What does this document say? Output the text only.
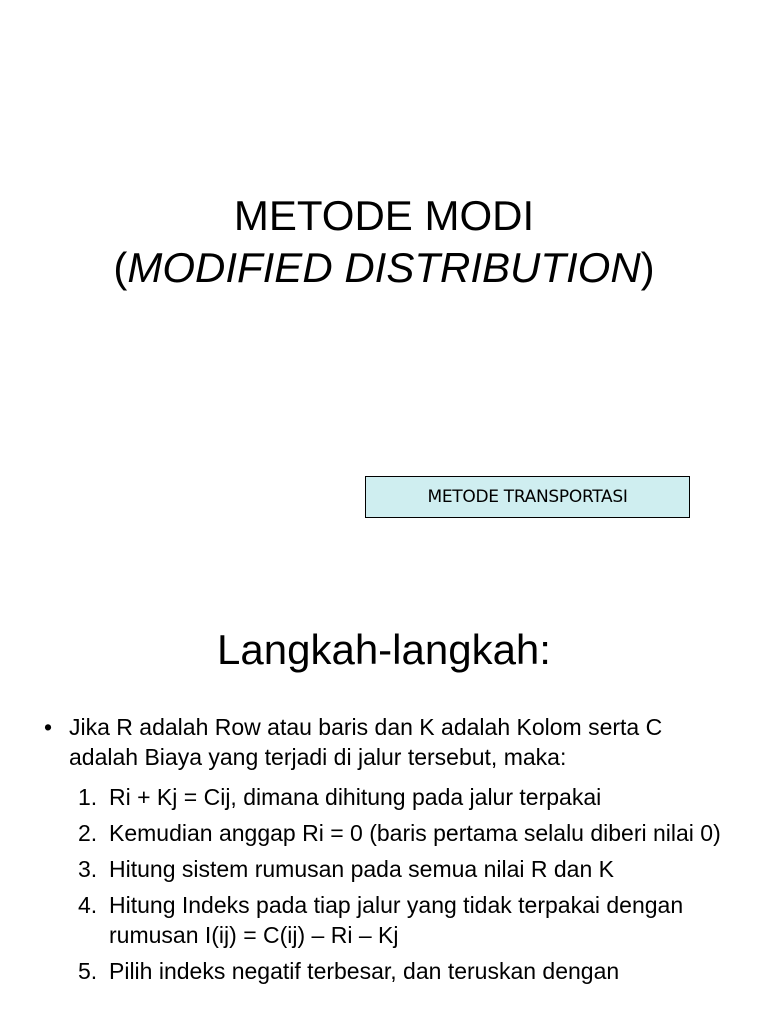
METODE MODI
(MODIFIED DISTRIBUTION)
METODE TRANSPORTASI
Langkah-langkah:
• Jika R adalah Row atau baris dan K adalah Kolom serta C adalah Biaya yang terjadi di jalur tersebut, maka:
1. Ri + Kj = Cij, dimana dihitung pada jalur terpakai
2. Kemudian anggap Ri = 0 (baris pertama selalu diberi nilai 0)
3. Hitung sistem rumusan pada semua nilai R dan K
4. Hitung Indeks pada tiap jalur yang tidak terpakai dengan rumusan I(ij) = C(ij) – Ri – Kj
5. Pilih indeks negatif terbesar, dan teruskan dengan
